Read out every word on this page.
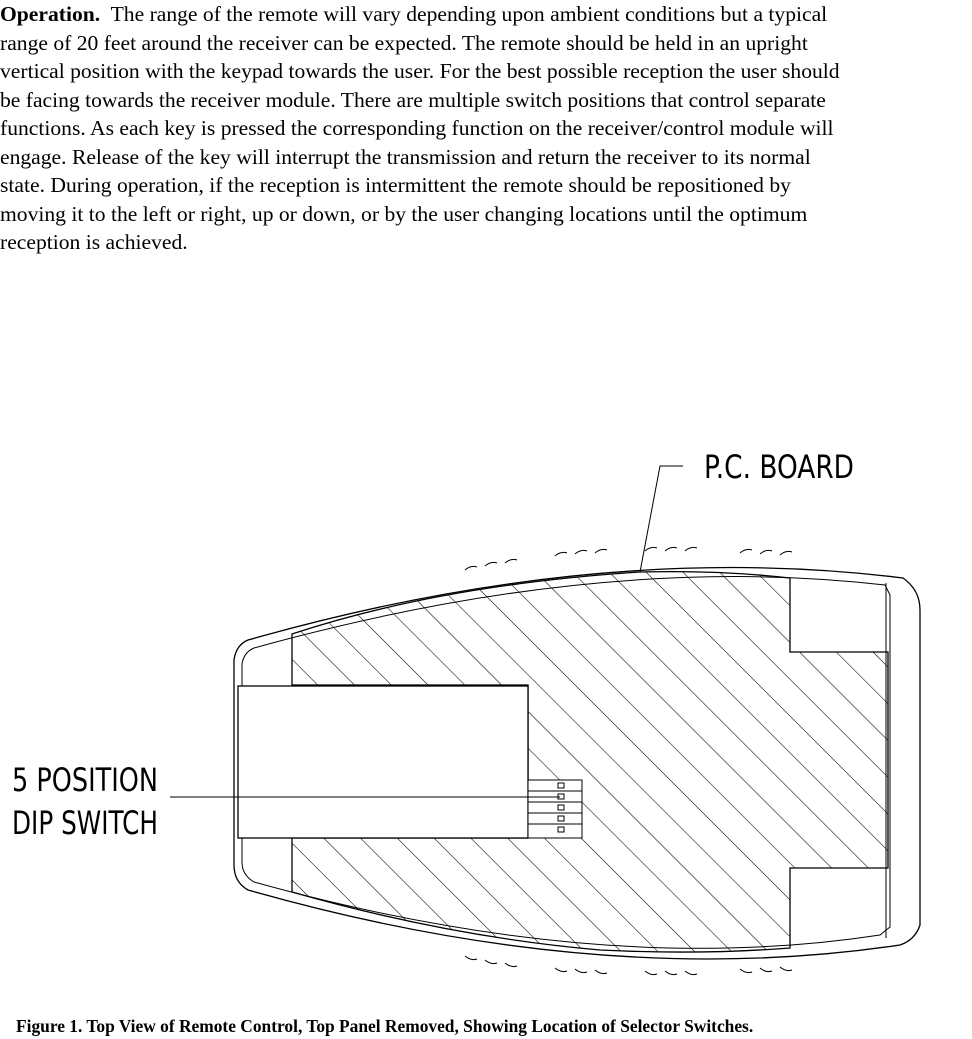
Operation. The range of the remote will vary depending upon ambient conditions but a typical
range of 20 feet around the receiver can be expected. The remote should be held in an upright
vertical position with the keypad towards the user. For the best possible reception the user should
be facing towards the receiver module. There are multiple switch positions that control separate
functions. As each key is pressed the corresponding function on the receiver/control module will
engage. Release of the key will interrupt the transmission and return the receiver to its normal
state. During operation, if the reception is intermittent the remote should be repositioned by
moving it to the left or right, up or down, or by the user changing locations until the optimum
reception is achieved.
P.C. BOARD
5 POSITION
DIP SWITCH
Figure 1. Top View of Remote Control, Top Panel Removed, Showing Location of Selector Switches.
